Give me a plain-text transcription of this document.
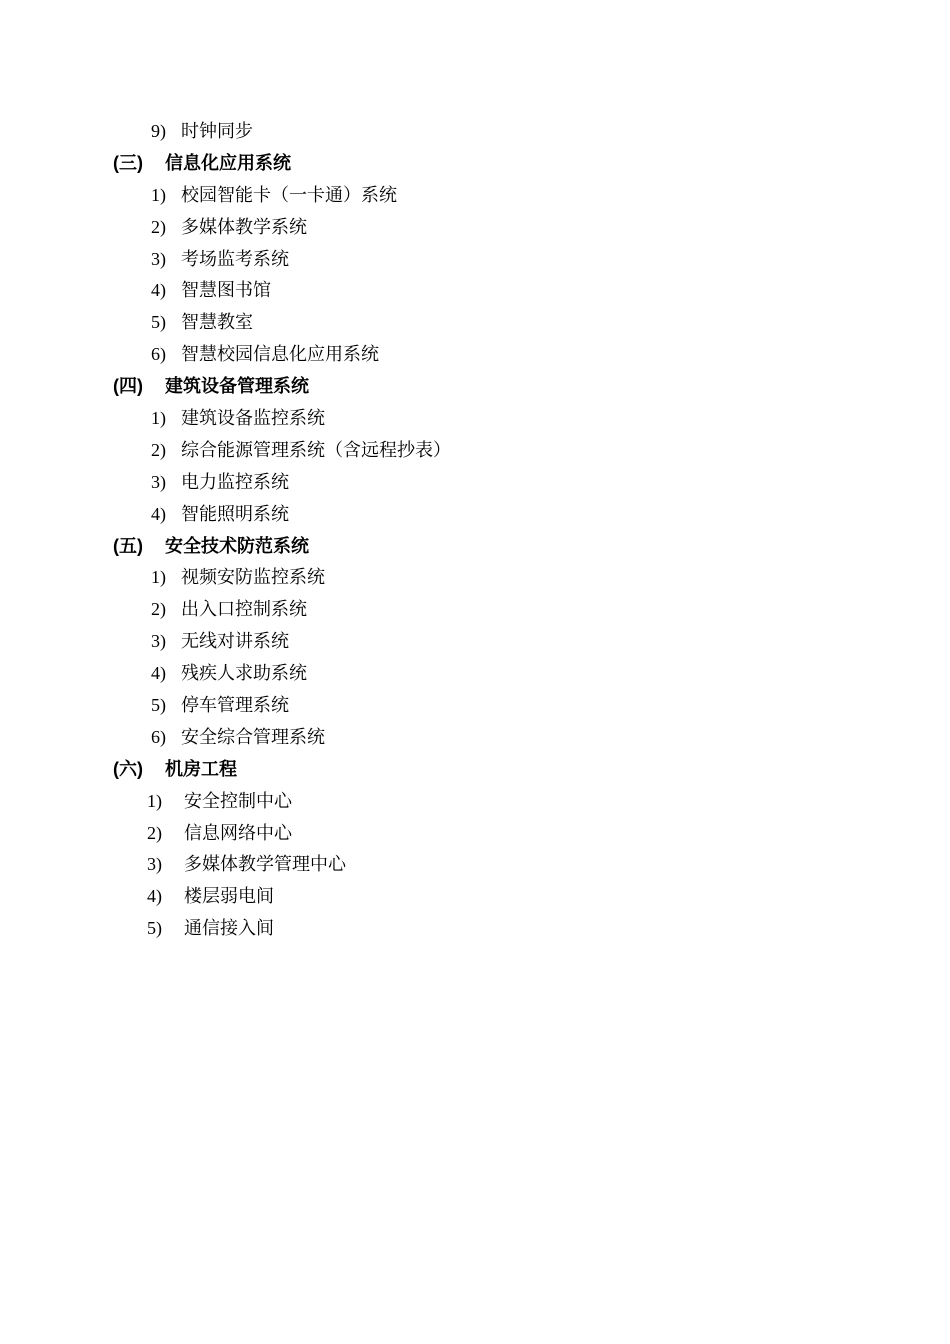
9) 时钟同步
(三) 信息化应用系统
1) 校园智能卡（一卡通）系统
2) 多媒体教学系统
3) 考场监考系统
4) 智慧图书馆
5) 智慧教室
6) 智慧校园信息化应用系统
(四) 建筑设备管理系统
1) 建筑设备监控系统
2) 综合能源管理系统（含远程抄表）
3) 电力监控系统
4) 智能照明系统
(五) 安全技术防范系统
1) 视频安防监控系统
2) 出入口控制系统
3) 无线对讲系统
4) 残疾人求助系统
5) 停车管理系统
6) 安全综合管理系统
(六) 机房工程
1) 安全控制中心
2) 信息网络中心
3) 多媒体教学管理中心
4) 楼层弱电间
5) 通信接入间
